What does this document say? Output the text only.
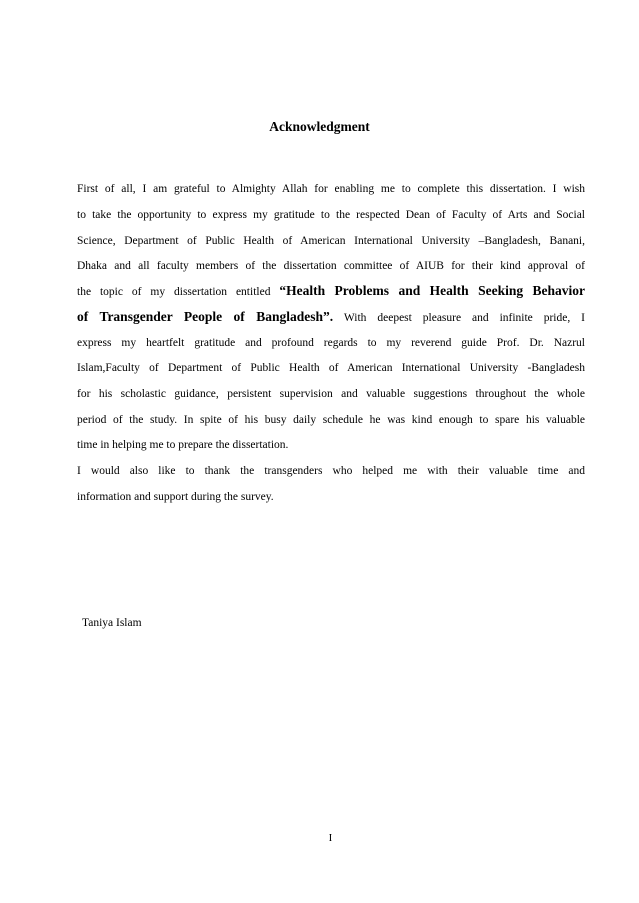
Acknowledgment
First of all, I am grateful to Almighty Allah for enabling me to complete this dissertation. I wish
to take the opportunity to express my gratitude to the respected Dean of Faculty of Arts and Social
Science, Department of Public Health of American International University –Bangladesh, Banani,
Dhaka and all faculty members of the dissertation committee of AIUB for their kind approval of
the topic of my dissertation entitled “Health Problems and Health Seeking Behavior
of Transgender People of Bangladesh”. With deepest pleasure and infinite pride, I
express my heartfelt gratitude and profound regards to my reverend guide Prof. Dr. Nazrul
Islam,Faculty of Department of Public Health of American International University -Bangladesh
for his scholastic guidance, persistent supervision and valuable suggestions throughout the whole
period of the study. In spite of his busy daily schedule he was kind enough to spare his valuable
time in helping me to prepare the dissertation.
I would also like to thank the transgenders who helped me with their valuable time and
information and support during the survey.
Taniya Islam
I
